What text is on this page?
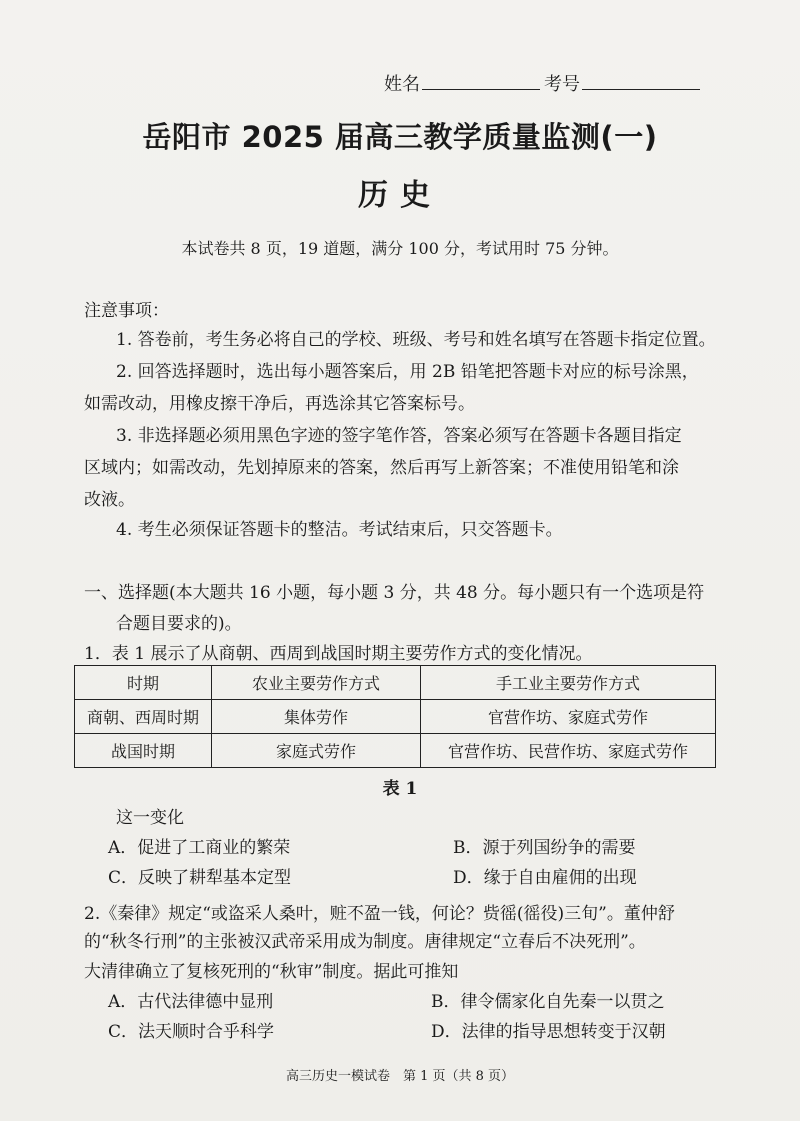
姓名	考号
岳阳市 2025 届高三教学质量监测(一)
历史
本试卷共 8 页，19 道题，满分 100 分，考试用时 75 分钟。
注意事项：
1. 答卷前，考生务必将自己的学校、班级、考号和姓名填写在答题卡指定位置。
2. 回答选择题时，选出每小题答案后，用 2B 铅笔把答题卡对应的标号涂黑，
如需改动，用橡皮擦干净后，再选涂其它答案标号。
3. 非选择题必须用黑色字迹的签字笔作答，答案必须写在答题卡各题目指定
区域内；如需改动，先划掉原来的答案，然后再写上新答案；不准使用铅笔和涂
改液。
4. 考生必须保证答题卡的整洁。考试结束后，只交答题卡。
一、选择题(本大题共 16 小题，每小题 3 分，共 48 分。每小题只有一个选项是符
合题目要求的)。
1．表 1 展示了从商朝、西周到战国时期主要劳作方式的变化情况。
时期	农业主要劳作方式	手工业主要劳作方式
商朝、西周时期	集体劳作	官营作坊、家庭式劳作
战国时期	家庭式劳作	官营作坊、民营作坊、家庭式劳作
表 1
这一变化
A．促进了工商业的繁荣	B．源于列国纷争的需要
C．反映了耕犁基本定型	D．缘于自由雇佣的出现
2.《秦律》规定“或盗采人桑叶，赃不盈一钱，何论？赀徭(徭役)三旬”。董仲舒
的“秋冬行刑”的主张被汉武帝采用成为制度。唐律规定“立春后不决死刑”。
大清律确立了复核死刑的“秋审”制度。据此可推知
A．古代法律德中显刑	B．律令儒家化自先秦一以贯之
C．法天顺时合乎科学	D．法律的指导思想转变于汉朝
高三历史一模试卷　第 1 页（共 8 页）
